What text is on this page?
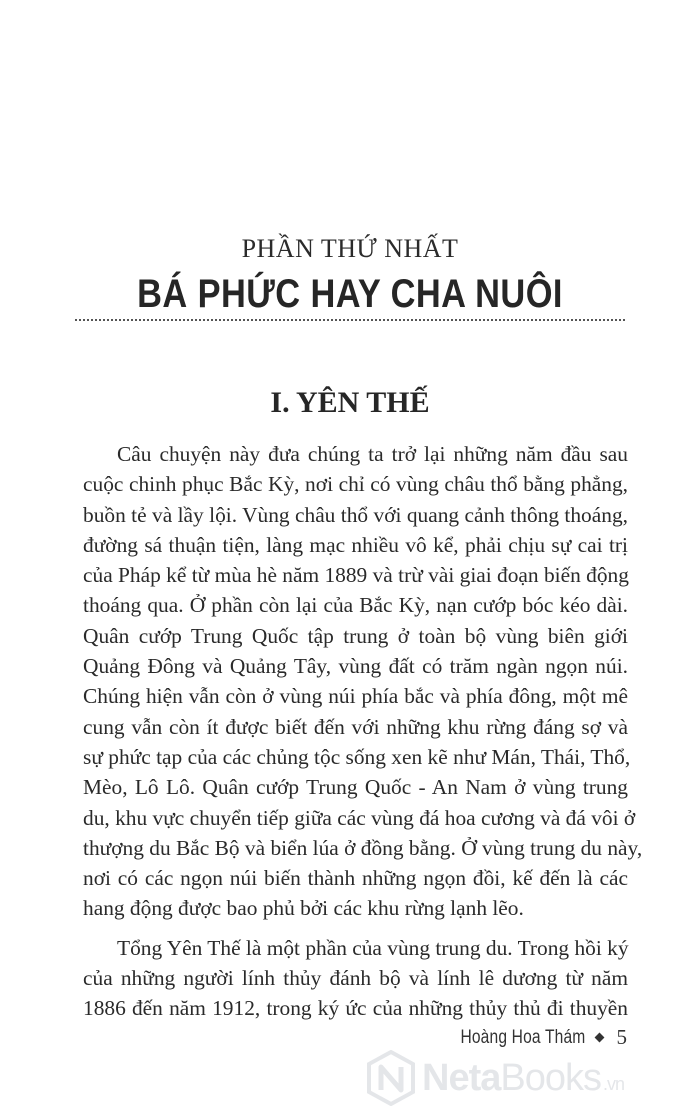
PHẦN THỨ NHẤT
BÁ PHỨC HAY CHA NUÔI
I. YÊN THẾ
Câu chuyện này đưa chúng ta trở lại những năm đầu sau
cuộc chinh phục Bắc Kỳ, nơi chỉ có vùng châu thổ bằng phẳng,
buồn tẻ và lầy lội. Vùng châu thổ với quang cảnh thông thoáng,
đường sá thuận tiện, làng mạc nhiều vô kể, phải chịu sự cai trị
của Pháp kể từ mùa hè năm 1889 và trừ vài giai đoạn biến động
thoáng qua. Ở phần còn lại của Bắc Kỳ, nạn cướp bóc kéo dài.
Quân cướp Trung Quốc tập trung ở toàn bộ vùng biên giới
Quảng Đông và Quảng Tây, vùng đất có trăm ngàn ngọn núi.
Chúng hiện vẫn còn ở vùng núi phía bắc và phía đông, một mê
cung vẫn còn ít được biết đến với những khu rừng đáng sợ và
sự phức tạp của các chủng tộc sống xen kẽ như Mán, Thái, Thổ,
Mèo, Lô Lô. Quân cướp Trung Quốc - An Nam ở vùng trung
du, khu vực chuyển tiếp giữa các vùng đá hoa cương và đá vôi ở
thượng du Bắc Bộ và biển lúa ở đồng bằng. Ở vùng trung du này,
nơi có các ngọn núi biến thành những ngọn đồi, kế đến là các
hang động được bao phủ bởi các khu rừng lạnh lẽo.
Tổng Yên Thế là một phần của vùng trung du. Trong hồi ký
của những người lính thủy đánh bộ và lính lê dương từ năm
1886 đến năm 1912, trong ký ức của những thủy thủ đi thuyền
Hoàng Hoa Thám 5
NetaBooks .vn
